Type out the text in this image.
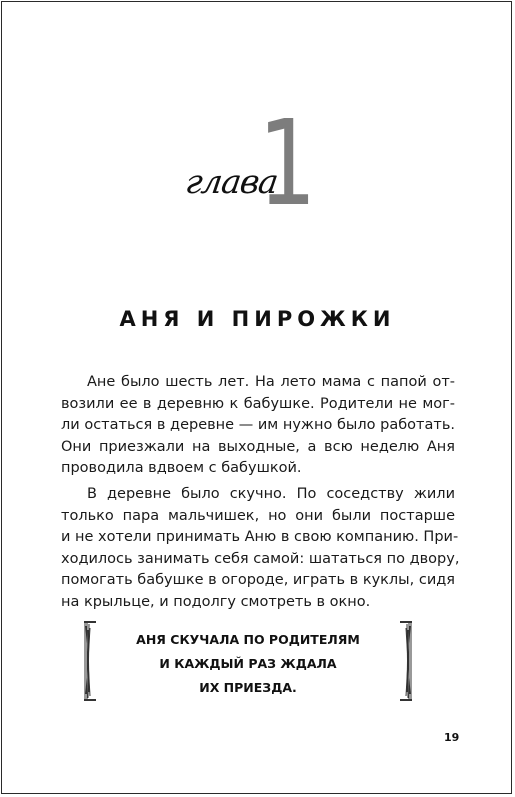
глава
1
АНЯ И ПИРОЖКИ
Ане было шесть лет. На лето мама с папой от-
возили ее в деревню к бабушке. Родители не мог-
ли остаться в деревне — им нужно было работать.
Они приезжали на выходные, а всю неделю Аня
проводила вдвоем с бабушкой.
В деревне было скучно. По соседству жили
только пара мальчишек, но они были постарше
и не хотели принимать Аню в свою компанию. При-
ходилось занимать себя самой: шататься по двору,
помогать бабушке в огороде, играть в куклы, сидя
на крыльце, и подолгу смотреть в окно.
АНЯ СКУЧАЛА ПО РОДИТЕЛЯМ
И КАЖДЫЙ РАЗ ЖДАЛА
ИХ ПРИЕЗДА.
19
